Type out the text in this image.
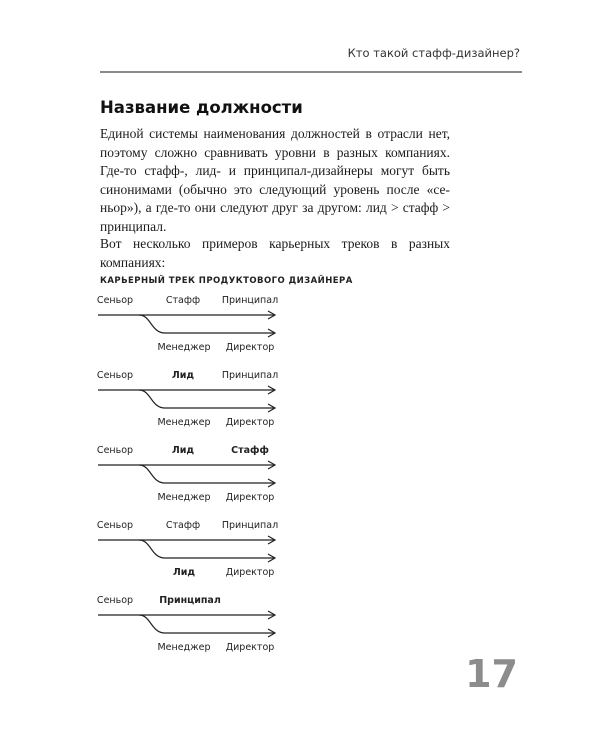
Кто такой стафф-дизайнер?
Название должности

Единой системы наименования должностей в отрасли нет, поэтому сложно сравнивать уровни в разных компаниях. Где-то стафф-, лид- и принципал-дизайнеры могут быть синонимами (обычно это следующий уровень после «се-ньор»), а где-то они следуют друг за другом: лид > стафф > принципал.

Вот несколько примеров карьерных треков в разных компаниях:

КАРЬЕРНЫЙ ТРЕК ПРОДУКТОВОГО ДИЗАЙНЕРА
Сеньор	Стафф Принципал
Менеджер Директор
Сеньор	Лид	Принципал
Менеджер Директор
Сеньор	Лид	Стафф
Менеджер Директор
Сеньор	Стафф Принципал
Лид	Директор
Сеньор	Принципал
Менеджер Директор
17
